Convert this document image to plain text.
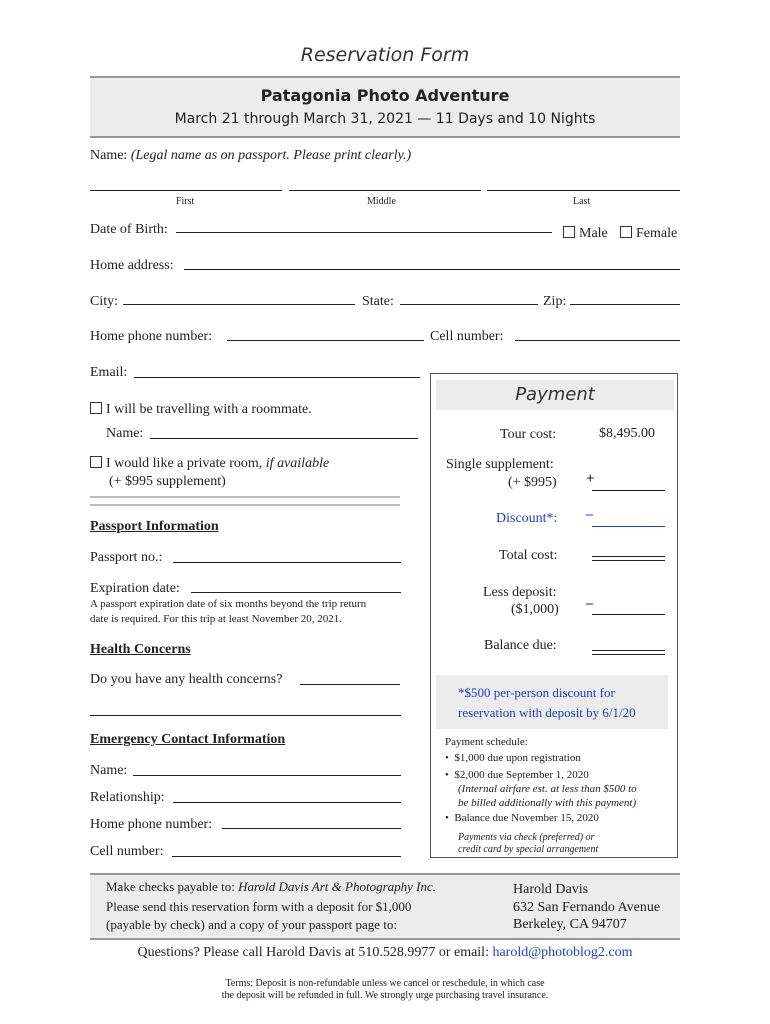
Reservation Form
Patagonia Photo Adventure
March 21 through March 31, 2021 — 11 Days and 10 Nights
Name: (Legal name as on passport. Please print clearly.)
First	Middle	Last
Date of Birth:	Male	Female
Home address:
City:	State:	Zip:
Home phone number:	Cell number:
Email:
I will be travelling with a roommate.
Name:
I would like a private room, if available
(+ $995 supplement)
Passport Information
Passport no.:
Expiration date:
A passport expiration date of six months beyond the trip return
date is required. For this trip at least November 20, 2021.
Health Concerns
Do you have any health concerns?
Emergency Contact Information
Name:
Relationship:
Home phone number:
Cell number:
Payment
Tour cost:	$8,495.00
Single supplement:
(+ $995) +
Discount*: –
Total cost:
Less deposit:
($1,000) –
Balance due:
*$500 per-person discount for
reservation with deposit by 6/1/20
Payment schedule:
•  $1,000 due upon registration
•  $2,000 due September 1, 2020
(Internal airfare est. at less than $500 to
be billed additionally with this payment)
•  Balance due November 15, 2020
Payments via check (preferred) or
credit card by special arrangement
Make checks payable to: Harold Davis Art & Photography Inc.
Please send this reservation form with a deposit for $1,000
(payable by check) and a copy of your passport page to:
Harold Davis
632 San Fernando Avenue
Berkeley, CA 94707
Questions? Please call Harold Davis at 510.528.9977 or email: harold@photoblog2.com
Terms: Deposit is non-refundable unless we cancel or reschedule, in which case
the deposit will be refunded in full. We strongly urge purchasing travel insurance.
